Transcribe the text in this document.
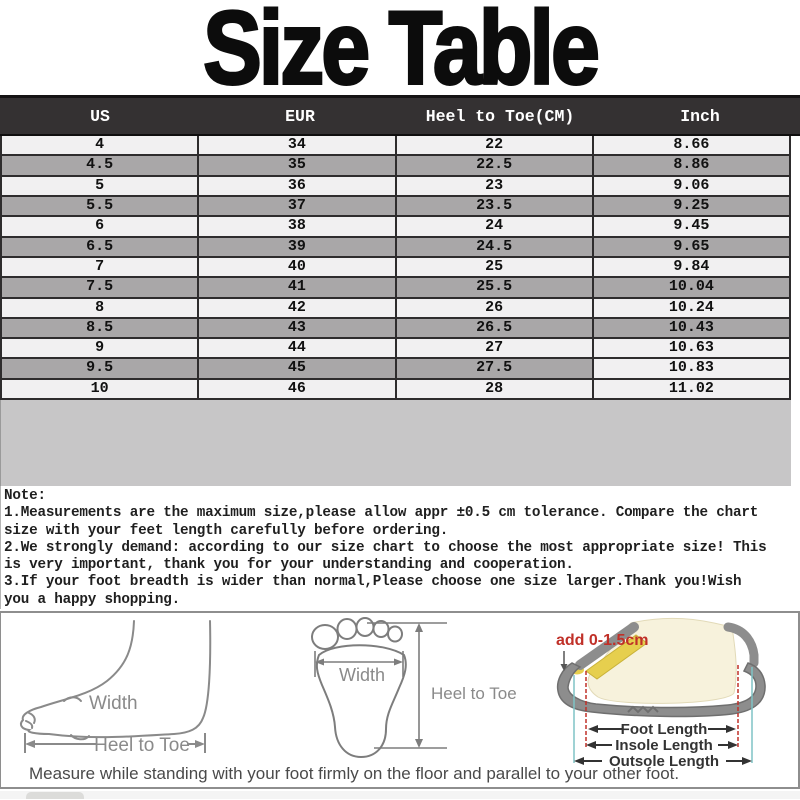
Size Table
US	EUR	Heel to Toe(CM)	Inch
4	34	22	8.66
4.5	35	22.5	8.86
5	36	23	9.06
5.5	37	23.5	9.25
6	38	24	9.45
6.5	39	24.5	9.65
7	40	25	9.84
7.5	41	25.5	10.04
8	42	26	10.24
8.5	43	26.5	10.43
9	44	27	10.63
9.5	45	27.5	10.83
10	46	28	11.02
Note:
1.Measurements are the maximum size,please allow appr ±0.5 cm tolerance. Compare the chart
size with your feet length carefully before ordering.
2.We strongly demand: according to our size chart to choose the most appropriate size! This
is very important, thank you for your understanding and cooperation.
3.If your foot breadth is wider than normal,Please choose one size larger.Thank you!Wish
you a happy shopping.
Width
Heel to Toe
Width
Heel to Toe
add 0-1.5cm
Foot Length
Insole Length
Outsole Length
Measure while standing with your foot firmly on the floor and parallel to your other foot.
